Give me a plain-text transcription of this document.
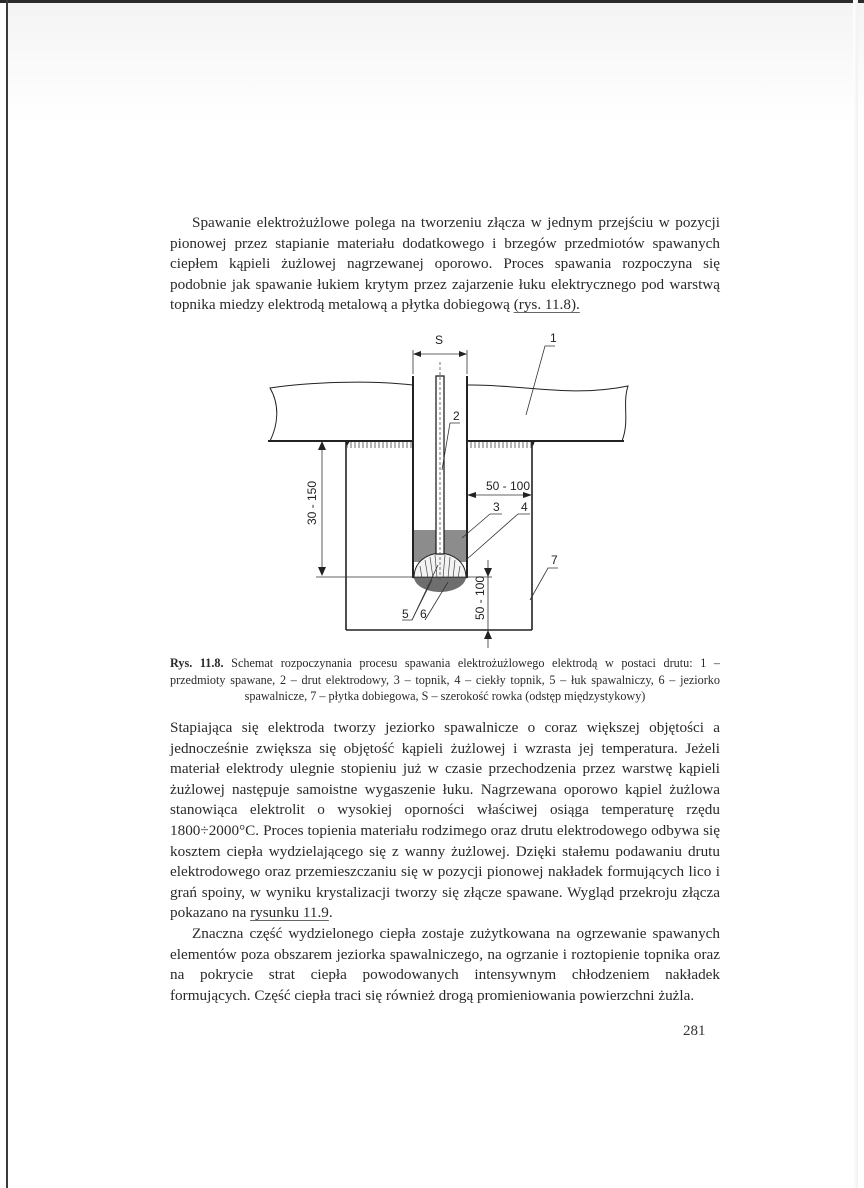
Spawanie elektrożużlowe polega na tworzeniu złącza w jednym przejściu w pozycji pionowej przez stapianie materiału dodatkowego i brzegów przedmiotów spawanych ciepłem kąpieli żużlowej nagrzewanej oporowo. Proces spawania rozpoczyna się podobnie jak spawanie łukiem krytym przez zajarzenie łuku elektrycznego pod warstwą topnika miedzy elektrodą metalową a płytka dobiegową (rys. 11.8).

S
30 - 150	50 - 100
50 - 100
1
2
3 4
5 6
7
Rys. 11.8. Schemat rozpoczynania procesu spawania elektrożużlowego elektrodą w postaci drutu: 1 – przedmioty spawane, 2 – drut elektrodowy, 3 – topnik, 4 – ciekły topnik, 5 – łuk spawalniczy, 6 – jeziorko spawalnicze, 7 – płytka dobiegowa, S – szerokość rowka (odstęp międzystykowy)

Stapiająca się elektroda tworzy jeziorko spawalnicze o coraz większej objętości a jednocześnie zwiększa się objętość kąpieli żużlowej i wzrasta jej temperatura. Jeżeli materiał elektrody ulegnie stopieniu już w czasie przechodzenia przez warstwę kąpieli żużlowej następuje samoistne wygaszenie łuku. Nagrzewana oporowo kąpiel żużlowa stanowiąca elektrolit o wysokiej oporności właściwej osiąga temperaturę rzędu 1800÷2000°C. Proces topienia materiału rodzimego oraz drutu elektrodowego odbywa się kosztem ciepła wydzielającego się z wanny żużlowej. Dzięki stałemu podawaniu drutu elektrodowego oraz przemieszczaniu się w pozycji pionowej nakładek formujących lico i grań spoiny, w wyniku krystalizacji tworzy się złącze spawane. Wygląd przekroju złącza pokazano na rysunku 11.9.

Znaczna część wydzielonego ciepła zostaje zużytkowana na ogrzewanie spawanych elementów poza obszarem jeziorka spawalniczego, na ogrzanie i roztopienie topnika oraz na pokrycie strat ciepła powodowanych intensywnym chłodzeniem nakładek formujących. Część ciepła traci się również drogą promieniowania powierzchni żużla.

281
